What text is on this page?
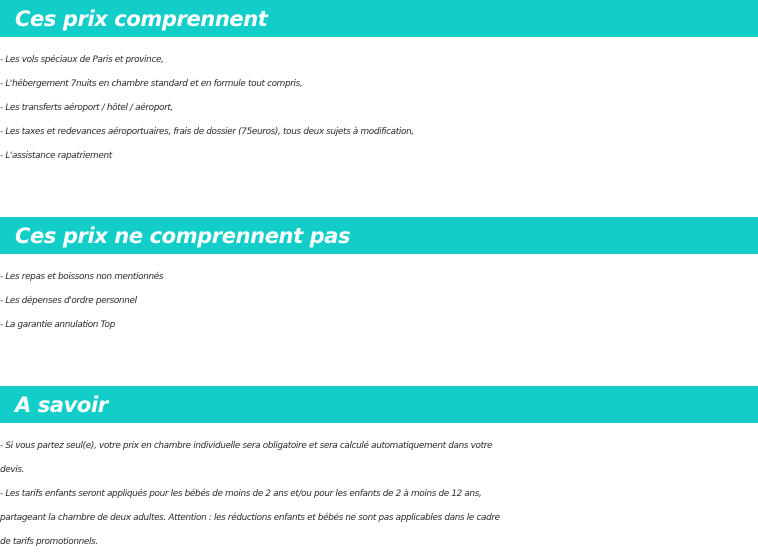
Ces prix comprennent
- Les vols spéciaux de Paris et province,
- L'hébergement 7nuits en chambre standard et en formule tout compris,
- Les transferts aéroport / hôtel / aéroport,
- Les taxes et redevances aéroportuaires, frais de dossier (75euros), tous deux sujets à modification,
- L'assistance rapatriement
Ces prix ne comprennent pas
- Les repas et boissons non mentionnés
- Les dépenses d'ordre personnel
- La garantie annulation Top
A savoir
- Si vous partez seul(e), votre prix en chambre individuelle sera obligatoire et sera calculé automatiquement dans votre
devis.
- Les tarifs enfants seront appliqués pour les bébés de moins de 2 ans et/ou pour les enfants de 2 à moins de 12 ans,
partageant la chambre de deux adultes. Attention : les réductions enfants et bébés ne sont pas applicables dans le cadre
de tarifs promotionnels.
